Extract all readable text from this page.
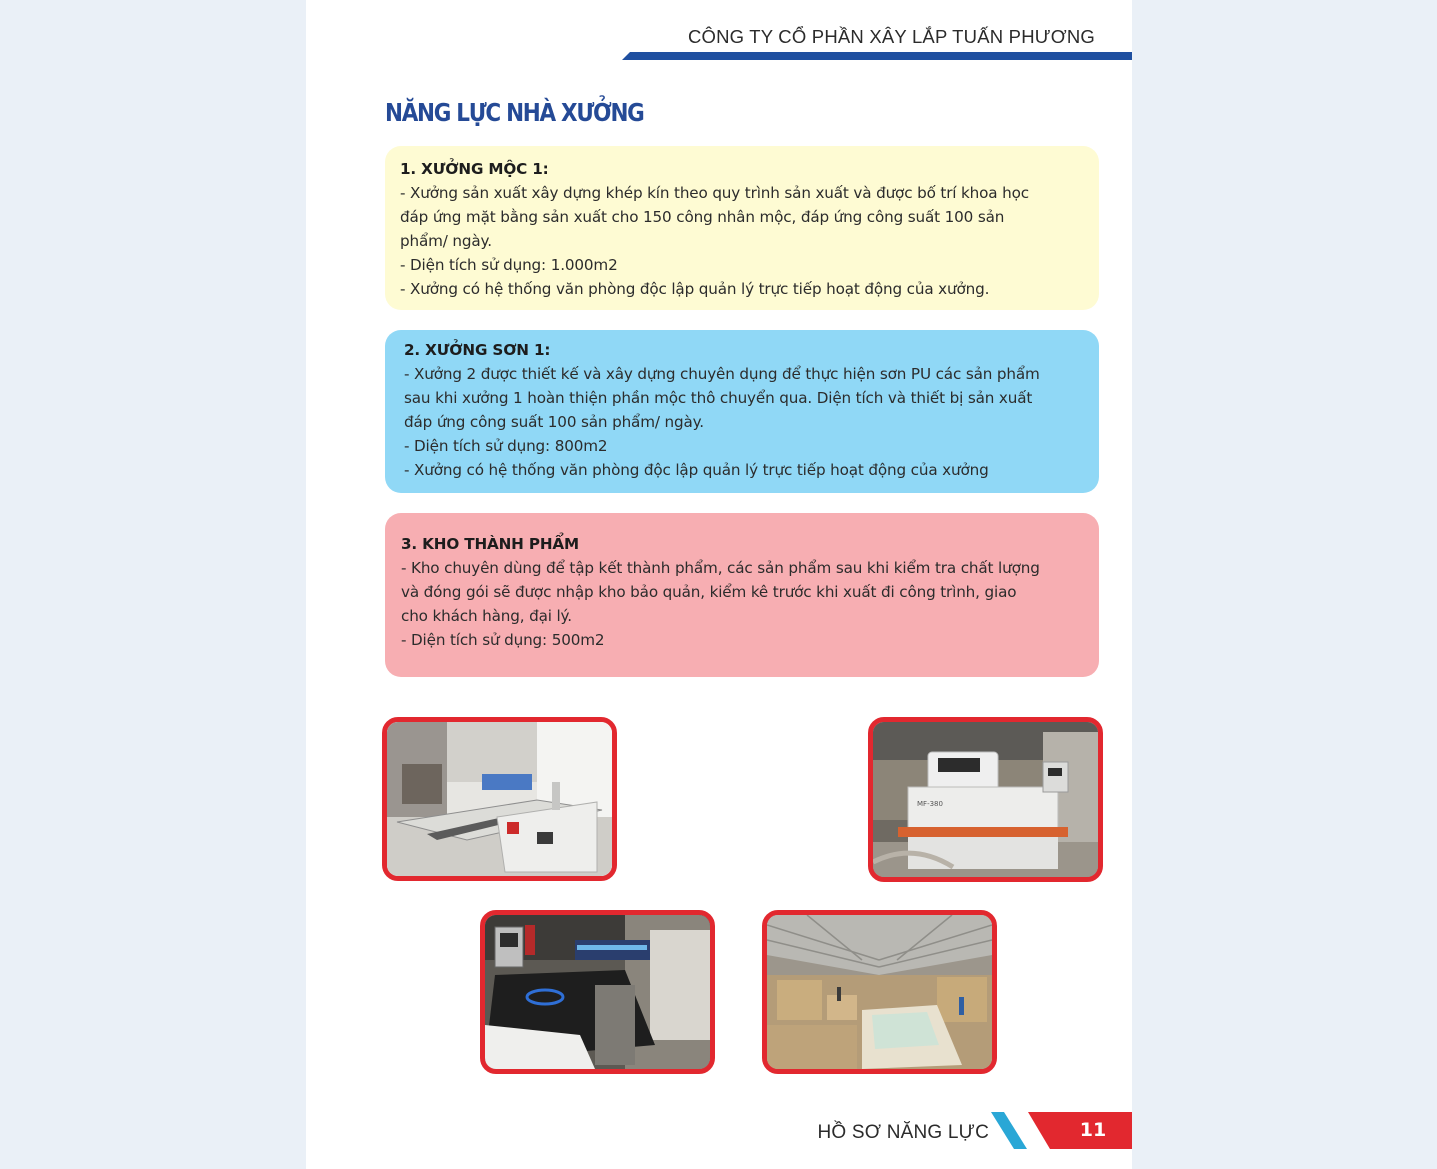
CÔNG TY CỔ PHẦN XÂY LẮP TUẤN PHƯƠNG
NĂNG LỰC NHÀ XƯỞNG

1. XƯỞNG MỘC 1:

- Xưởng sản xuất xây dựng khép kín theo quy trình sản xuất và được bố trí khoa học

đáp ứng mặt bằng sản xuất cho 150 công nhân mộc, đáp ứng công suất 100 sản

phẩm/ ngày.

- Diện tích sử dụng: 1.000m2

- Xưởng có hệ thống văn phòng độc lập quản lý trực tiếp hoạt động của xưởng.

2. XƯỞNG SƠN 1:

- Xưởng 2 được thiết kế và xây dựng chuyên dụng để thực hiện sơn PU các sản phẩm

sau khi xưởng 1 hoàn thiện phần mộc thô chuyển qua. Diện tích và thiết bị sản xuất

đáp ứng công suất 100 sản phẩm/ ngày.

- Diện tích sử dụng: 800m2

- Xưởng có hệ thống văn phòng độc lập quản lý trực tiếp hoạt động của xưởng

3. KHO THÀNH PHẨM

- Kho chuyên dùng để tập kết thành phẩm, các sản phẩm sau khi kiểm tra chất lượng

và đóng gói sẽ được nhập kho bảo quản, kiểm kê trước khi xuất đi công trình, giao

cho khách hàng, đại lý.

- Diện tích sử dụng: 500m2

MF-380
HỒ SƠ NĂNG LỰC	11
